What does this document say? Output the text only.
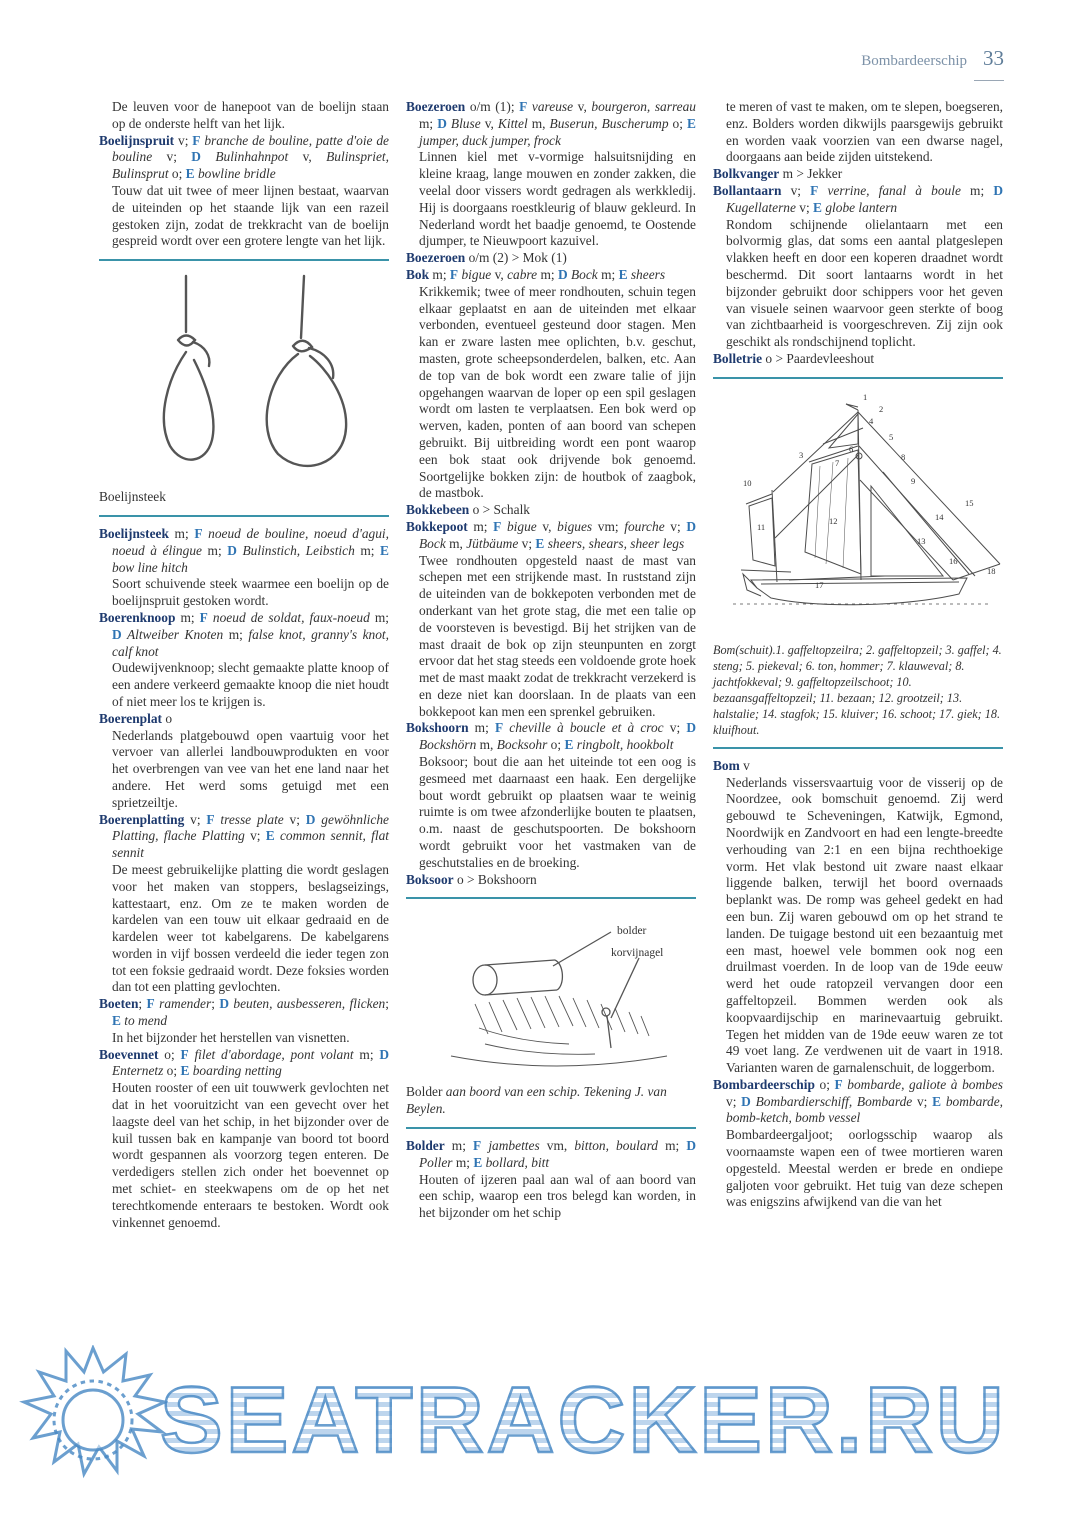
Bombardeerschip 33
De leuven voor de hanepoot van de boelijn staan op de onderste helft van het lijk.
Boelijnspruit v; F branche de bouline, patte d'oie de bouline v; D Bulinhahnpot v, Bulinspriet, Bulinsprut o; E bowline bridle
Touw dat uit twee of meer lijnen bestaat, waarvan de uiteinden op het staande lijk van een razeil gestoken zijn, zodat de trekkracht van de boelijn gespreid wordt over een grotere lengte van het lijk.
Boelijnsteek
Boelijnsteek m; F noeud de bouline, noeud d'agui, noeud à élingue m; D Bulinstich, Leibstich m; E bow line hitch
Soort schuivende steek waarmee een boelijn op de boelijnspruit gestoken wordt.
Boerenknoop m; F noeud de soldat, faux-noeud m; D Altweiber Knoten m; false knot, granny's knot, calf knot
Oudewijvenknoop; slecht gemaakte platte knoop of een andere verkeerd gemaakte knoop die niet houdt of niet meer los te krijgen is.
Boerenplat o
Nederlands platgebouwd open vaartuig voor het vervoer van allerlei landbouwprodukten en voor het overbrengen van vee van het ene land naar het andere. Het werd soms getuigd met een sprietzeiltje.
Boerenplatting v; F tresse plate v; D gewöhnliche Platting, flache Platting v; E common sennit, flat sennit
De meest gebruikelijke platting die wordt geslagen voor het maken van stoppers, beslagseizings, kattestaart, enz. Om ze te maken worden de kardelen van een touw uit elkaar gedraaid en de kardelen weer tot kabelgarens. De kabelgarens worden in vijf bossen verdeeld die ieder tegen zon tot een foksie gedraaid wordt. Deze foksies worden dan tot een platting gevlochten.
Boeten; F ramender; D beuten, ausbesseren, flicken; E to mend
In het bijzonder het herstellen van visnetten.
Boevennet o; F filet d'abordage, pont volant m; D Enternetz o; E boarding netting
Houten rooster of een uit touwwerk gevlochten net dat in het vooruitzicht van een gevecht over het laagste deel van het schip, in het bijzonder over de kuil tussen bak en kampanje van boord tot boord wordt gespannen als voorzorg tegen enteren. De verdedigers stellen zich onder het boevennet op met schiet- en steekwapens om de op het net terechtkomende enteraars te bestoken. Wordt ook vinkennet genoemd.
Boezeroen o/m (1); F vareuse v, bourgeron, sarreau m; D Bluse v, Kittel m, Buserun, Buscherump o; E jumper, duck jumper, frock
Linnen kiel met v-vormige halsuitsnijding en kleine kraag, lange mouwen en zonder zakken, die veelal door vissers wordt gedragen als werkkledij. Hij is doorgaans roestkleurig of blauw gekleurd. In Nederland wordt het baadje genoemd, te Oostende djumper, te Nieuwpoort kazuivel.
Boezeroen o/m (2) > Mok (1)
Bok m; F bigue v, cabre m; D Bock m; E sheers
Krikkemik; twee of meer rondhouten, schuin tegen elkaar geplaatst en aan de uiteinden met elkaar verbonden, eventueel gesteund door stagen. Men kan er zware lasten mee oplichten, b.v. geschut, masten, grote scheepsonderdelen, balken, etc. Aan de top van de bok wordt een zware talie of jijn opgehangen waarvan de loper op een spil geslagen wordt om lasten te verplaatsen. Een bok werd op werven, kaden, ponten of aan boord van schepen gebruikt. Bij uitbreiding wordt een pont waarop een bok staat ook drijvende bok genoemd. Soortgelijke bokken zijn: de houtbok of zaagbok, de mastbok.
Bokkebeen o > Schalk
Bokkepoot m; F bigue v, bigues vm; fourche v; D Bock m, Jütbäume v; E sheers, shears, sheer legs
Twee rondhouten opgesteld naast de mast van schepen met een strijkende mast. In ruststand zijn de uiteinden van de bokkepoten verbonden met de onderkant van het grote stag, die met een talie op de voorsteven is bevestigd. Bij het strijken van de mast draait de bok op zijn steunpunten en zorgt ervoor dat het stag steeds een voldoende grote hoek met de mast maakt zodat de trekkracht verzekerd is en deze niet kan doorslaan. In de plaats van een bokkepoot kan men een sprenkel gebruiken.
Bokshoorn m; F cheville à boucle et à croc v; D Bockshörn m, Bocksohr o; E ringbolt, hookbolt
Boksoor; bout die aan het uiteinde tot een oog is gesmeed met daarnaast een haak. Een dergelijke bout wordt gebruikt op plaatsen waar te weinig ruimte is om twee afzonderlijke bouten te plaatsen, o.m. naast de geschutspoorten. De bokshoorn wordt gebruikt voor het vastmaken van de geschutstalies en de broeking.
Boksoor o > Bokshoorn
bolder
korvijnagel
Bolder aan boord van een schip. Tekening J. van Beylen.
Bolder m; F jambettes vm, bitton, boulard m; D Poller m; E bollard, bitt
Houten of ijzeren paal aan wal of aan boord van een schip, waarop een tros belegd kan worden, in het bijzonder om het schip
te meren of vast te maken, om te slepen, boegseren, enz. Bolders worden dikwijls paarsgewijs gebruikt en worden vaak voorzien van een dwarse nagel, doorgaans aan beide zijden uitstekend.
Bolkvanger m > Jekker
Bollantaarn v; F verrine, fanal à boule m; D Kugellaterne v; E globe lantern
Rondom schijnende olielantaarn met een bolvormig glas, dat soms een aantal platgeslepen vlakken heeft en door een koperen draadnet wordt beschermd. Dit soort lantaarns wordt in het bijzonder gebruikt door schippers voor het geven van visuele seinen waarvoor geen sterkte of boog van zichtbaarheid is voorgeschreven. Zij zijn ook geschikt als rondschijnend toplicht.
Bolletrie o > Paardevleeshout
1
2
3
4
5
6
7
8
9
10
11
12
13
14
15
16
17
18
Bom(schuit).1. gaffeltopzeilra; 2. gaffeltopzeil; 3. gaffel; 4. steng; 5. piekeval; 6. ton, hommer; 7. klauweval; 8. jachtfokkeval; 9. gaffeltopzeilschoot; 10. bezaansgaffeltopzeil; 11. bezaan; 12. grootzeil; 13. halstalie; 14. stagfok; 15. kluiver; 16. schoot; 17. giek; 18. kluifhout.
Bom v
Nederlands vissersvaartuig voor de visserij op de Noordzee, ook bomschuit genoemd. Zij werd gebouwd te Scheveningen, Katwijk, Egmond, Noordwijk en Zandvoort en had een lengte-breedte verhouding van 2:1 en een bijna rechthoekige vorm. Het vlak bestond uit zware naast elkaar liggende balken, terwijl het boord overnaads beplankt was. De romp was geheel gedekt en had een bun. Zij waren gebouwd om op het strand te landen. De tuigage bestond uit een bezaantuig met een mast, hoewel vele bommen ook nog een druilmast voerden. In de loop van de 19de eeuw werd het oude ratopzeil vervangen door een gaffeltopzeil. Bommen werden ook als koopvaardijschip en marinevaartuig gebruikt. Tegen het midden van de 19de eeuw waren ze tot 49 voet lang. Ze verdwenen uit de vaart in 1918. Varianten waren de garnalenschuit, de loggerbom.
Bombardeerschip o; F bombarde, galiote à bombes v; D Bombardierschiff, Bombarde v; E bombarde, bomb-ketch, bomb vessel
Bombardeergaljoot; oorlogsschip waarop als voornaamste wapen een of twee mortieren waren opgesteld. Meestal werden er brede en ondiepe galjoten voor gebruikt. Het tuig van deze schepen was enigszins afwijkend van die van het
SEATRACKER.RU
